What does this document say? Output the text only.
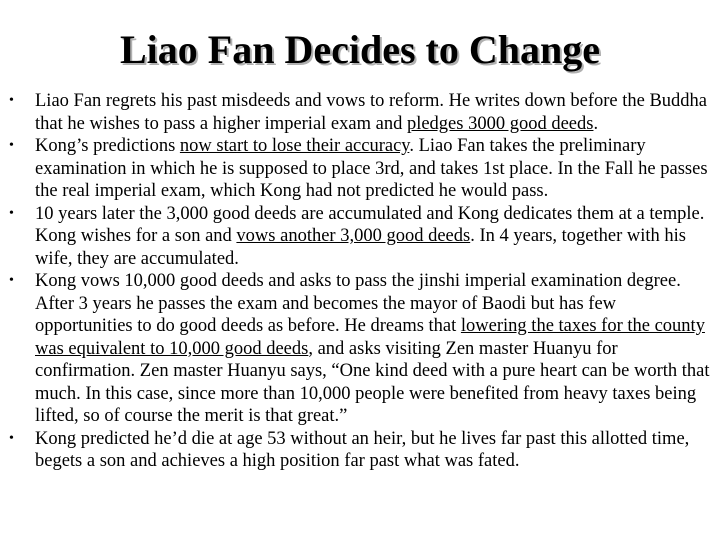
Liao Fan Decides to Change
• Liao Fan regrets his past misdeeds and vows to reform. He writes down before the Buddha that he wishes to pass a higher imperial exam and pledges 3000 good deeds.
• Kong’s predictions now start to lose their accuracy. Liao Fan takes the preliminary examination in which he is supposed to place 3rd, and takes 1st place. In the Fall he passes the real imperial exam, which Kong had not predicted he would pass.
• 10 years later the 3,000 good deeds are accumulated and Kong dedicates them at a temple. Kong wishes for a son and vows another 3,000 good deeds. In 4 years, together with his wife, they are accumulated.
• Kong vows 10,000 good deeds and asks to pass the jinshi imperial examination degree. After 3 years he passes the exam and becomes the mayor of Baodi but has few opportunities to do good deeds as before. He dreams that lowering the taxes for the county was equivalent to 10,000 good deeds, and asks visiting Zen master Huanyu for confirmation. Zen master Huanyu says, “One kind deed with a pure heart can be worth that much. In this case, since more than 10,000 people were benefited from heavy taxes being lifted, so of course the merit is that great.”
• Kong predicted he’d die at age 53 without an heir, but he lives far past this allotted time, begets a son and achieves a high position far past what was fated.
